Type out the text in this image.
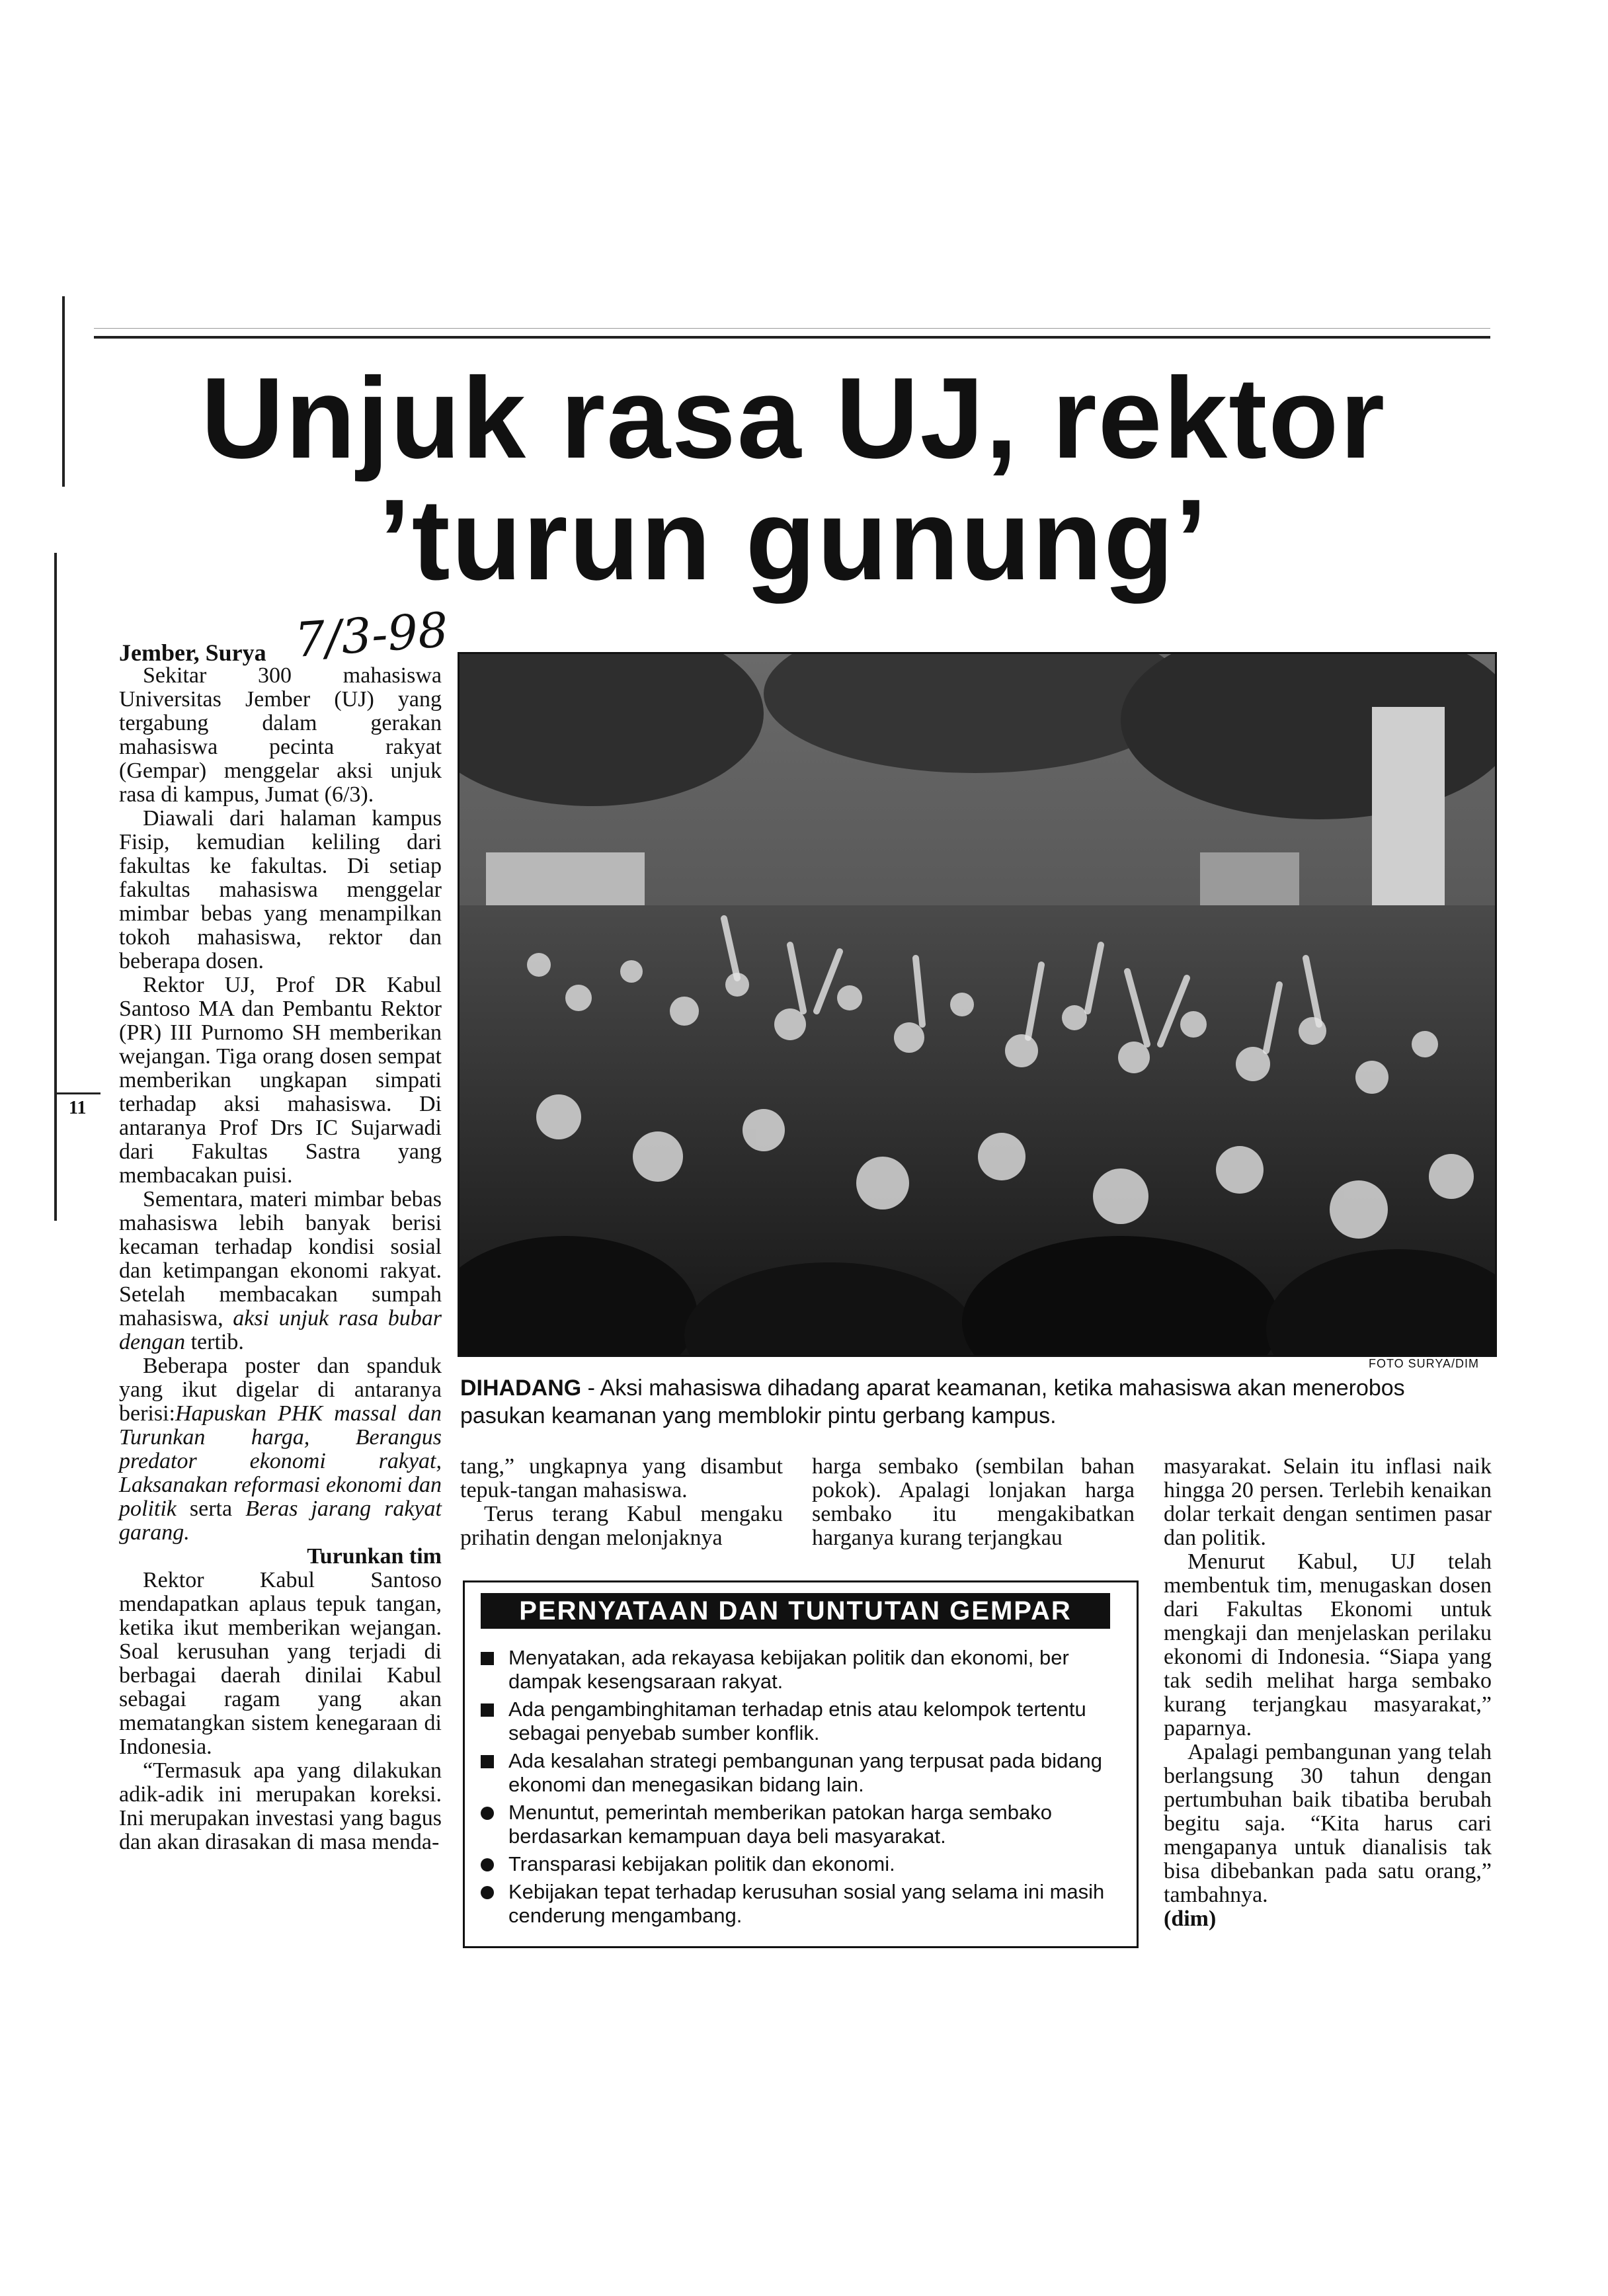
11
Unjuk rasa UJ, rektor
’turun gunung’
Jember, Surya 7/3-98

Sekitar 300 mahasiswa Universitas Jember (UJ) yang tergabung dalam gerakan mahasiswa pecinta rakyat (Gempar) menggelar aksi unjuk rasa di kampus, Jumat (6/3).

Diawali dari halaman kampus Fisip, kemudian keliling dari fakultas ke fakultas. Di setiap fakultas mahasiswa menggelar mimbar bebas yang menampilkan tokoh mahasiswa, rektor dan beberapa dosen.

Rektor UJ, Prof DR Kabul Santoso MA dan Pembantu Rektor (PR) III Purnomo SH memberikan wejangan. Tiga orang dosen sempat memberikan ungkapan simpati terhadap aksi mahasiswa. Di antaranya Prof Drs IC Sujarwadi dari Fakultas Sastra yang membacakan puisi.

Sementara, materi mimbar bebas mahasiswa lebih banyak berisi kecaman terhadap kondisi sosial dan ketimpangan ekonomi rakyat. Setelah membacakan sumpah mahasiswa, aksi unjuk rasa bubar dengan tertib.

Beberapa poster dan spanduk yang ikut digelar di antaranya berisi:Hapuskan PHK massal dan Turunkan harga, Berangus predator ekonomi rakyat, Laksanakan reformasi ekonomi dan politik serta Beras jarang rakyat garang.

Turunkan tim

Rektor Kabul Santoso mendapatkan aplaus tepuk tangan, ketika ikut memberikan wejangan. Soal kerusuhan yang terjadi di berbagai daerah dinilai Kabul sebagai ragam yang akan mematangkan sistem kenegaraan di Indonesia.

“Termasuk apa yang dilakukan adik-adik ini merupakan koreksi. Ini merupakan investasi yang bagus dan akan dirasakan di masa menda-

FOTO SURYA/DIM
DIHADANG - Aksi mahasiswa dihadang aparat keamanan, ketika mahasiswa akan menerobos pasukan keamanan yang memblokir pintu gerbang kampus.

tang,” ungkapnya yang disambut tepuk-tangan mahasiswa.

Terus terang Kabul mengaku prihatin dengan melonjaknya

harga sembako (sembilan bahan pokok). Apalagi lonjakan harga sembako itu mengakibatkan harganya kurang terjangkau

masyarakat. Selain itu inflasi naik hingga 20 persen. Terlebih kenaikan dolar terkait dengan sentimen pasar dan politik.

Menurut Kabul, UJ telah membentuk tim, menugaskan dosen dari Fakultas Ekonomi untuk mengkaji dan menjelaskan perilaku ekonomi di Indonesia. “Siapa yang tak sedih melihat harga sembako kurang terjangkau masyarakat,” paparnya.

Apalagi pembangunan yang telah berlangsung 30 tahun dengan pertumbuhan baik tibatiba berubah begitu saja. “Kita harus cari mengapanya untuk dianalisis tak bisa dibebankan pada satu orang,” tambahnya.

(dim)

PERNYATAAN DAN TUNTUTAN GEMPAR
Menyatakan, ada rekayasa kebijakan politik dan ekonomi, ber dampak kesengsaraan rakyat.
Ada pengambinghitaman terhadap etnis atau kelompok tertentu sebagai penyebab sumber konflik.
Ada kesalahan strategi pembangunan yang terpusat pada bidang ekonomi dan menegasikan bidang lain.
Menuntut, pemerintah memberikan patokan harga sembako berdasarkan kemampuan daya beli masyarakat.
Transparasi kebijakan politik dan ekonomi.
Kebijakan tepat terhadap kerusuhan sosial yang selama ini masih cenderung mengambang.
